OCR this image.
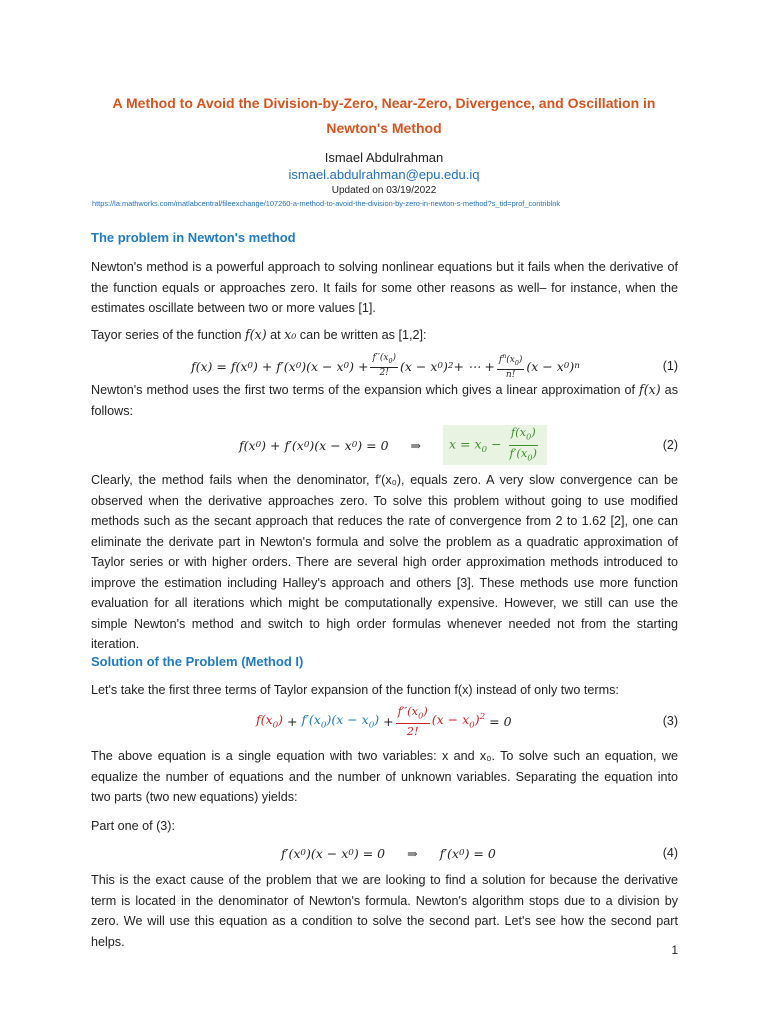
A Method to Avoid the Division-by-Zero, Near-Zero, Divergence, and Oscillation in
Newton's Method
Ismael Abdulrahman
ismael.abdulrahman@epu.edu.iq
Updated on 03/19/2022
https://la.mathworks.com/matlabcentral/fileexchange/107260-a-method-to-avoid-the-division-by-zero-in-newton-s-method?s_tid=prof_contriblnk
The problem in Newton's method
Newton's method is a powerful approach to solving nonlinear equations but it fails when the derivative of the function equals or approaches zero. It fails for some other reasons as well– for instance, when the estimates oscillate between two or more values [1].
Tayor series of the function f(x) at x₀ can be written as [1,2]:
f(x) = f(x 0 ) + f′(x 0 )(x − x 0 ) + $\frac{f''(x_0)}{2!} (x - x$ 0 ) 2 + ⋯ + $\frac{f^n(x_0)}{n!} (x - x$ 0 ) n	(1)
Newton's method uses the first two terms of the expansion which gives a linear approximation of f(x) as follows:
f(x 0 ) + f′(x 0 )(x − x 0 ) = 0 ⇒	$x = x_0 - \frac{f(x_0)}{f'(x_0)}$	(2)
Clearly, the method fails when the denominator, f′(x₀), equals zero. A very slow convergence can be observed when the derivative approaches zero. To solve this problem without going to use modified methods such as the secant approach that reduces the rate of convergence from 2 to 1.62 [2], one can eliminate the derivate part in Newton's formula and solve the problem as a quadratic approximation of Taylor series or with higher orders. There are several high order approximation methods introduced to improve the estimation including Halley's approach and others [3]. These methods use more function evaluation for all iterations which might be computationally expensive. However, we still can use the simple Newton's method and switch to high order formulas whenever needed not from the starting iteration.
Solution of the Problem (Method I)
Let's take the first three terms of Taylor expansion of the function f(x) instead of only two terms:
$f(x_0) + f'(x_0)(x - x_0) + \frac{f''(x_0)}{2!} (x - x_0)^2 = 0$	(3)
The above equation is a single equation with two variables: x and x₀. To solve such an equation, we equalize the number of equations and the number of unknown variables. Separating the equation into two parts (two new equations) yields:
Part one of (3):
f′(x 0 )(x − x 0 ) = 0 ⇒ f′(x 0 ) = 0	(4)
This is the exact cause of the problem that we are looking to find a solution for because the derivative term is located in the denominator of Newton's formula. Newton's algorithm stops due to a division by zero. We will use this equation as a condition to solve the second part. Let's see how the second part helps.
1
